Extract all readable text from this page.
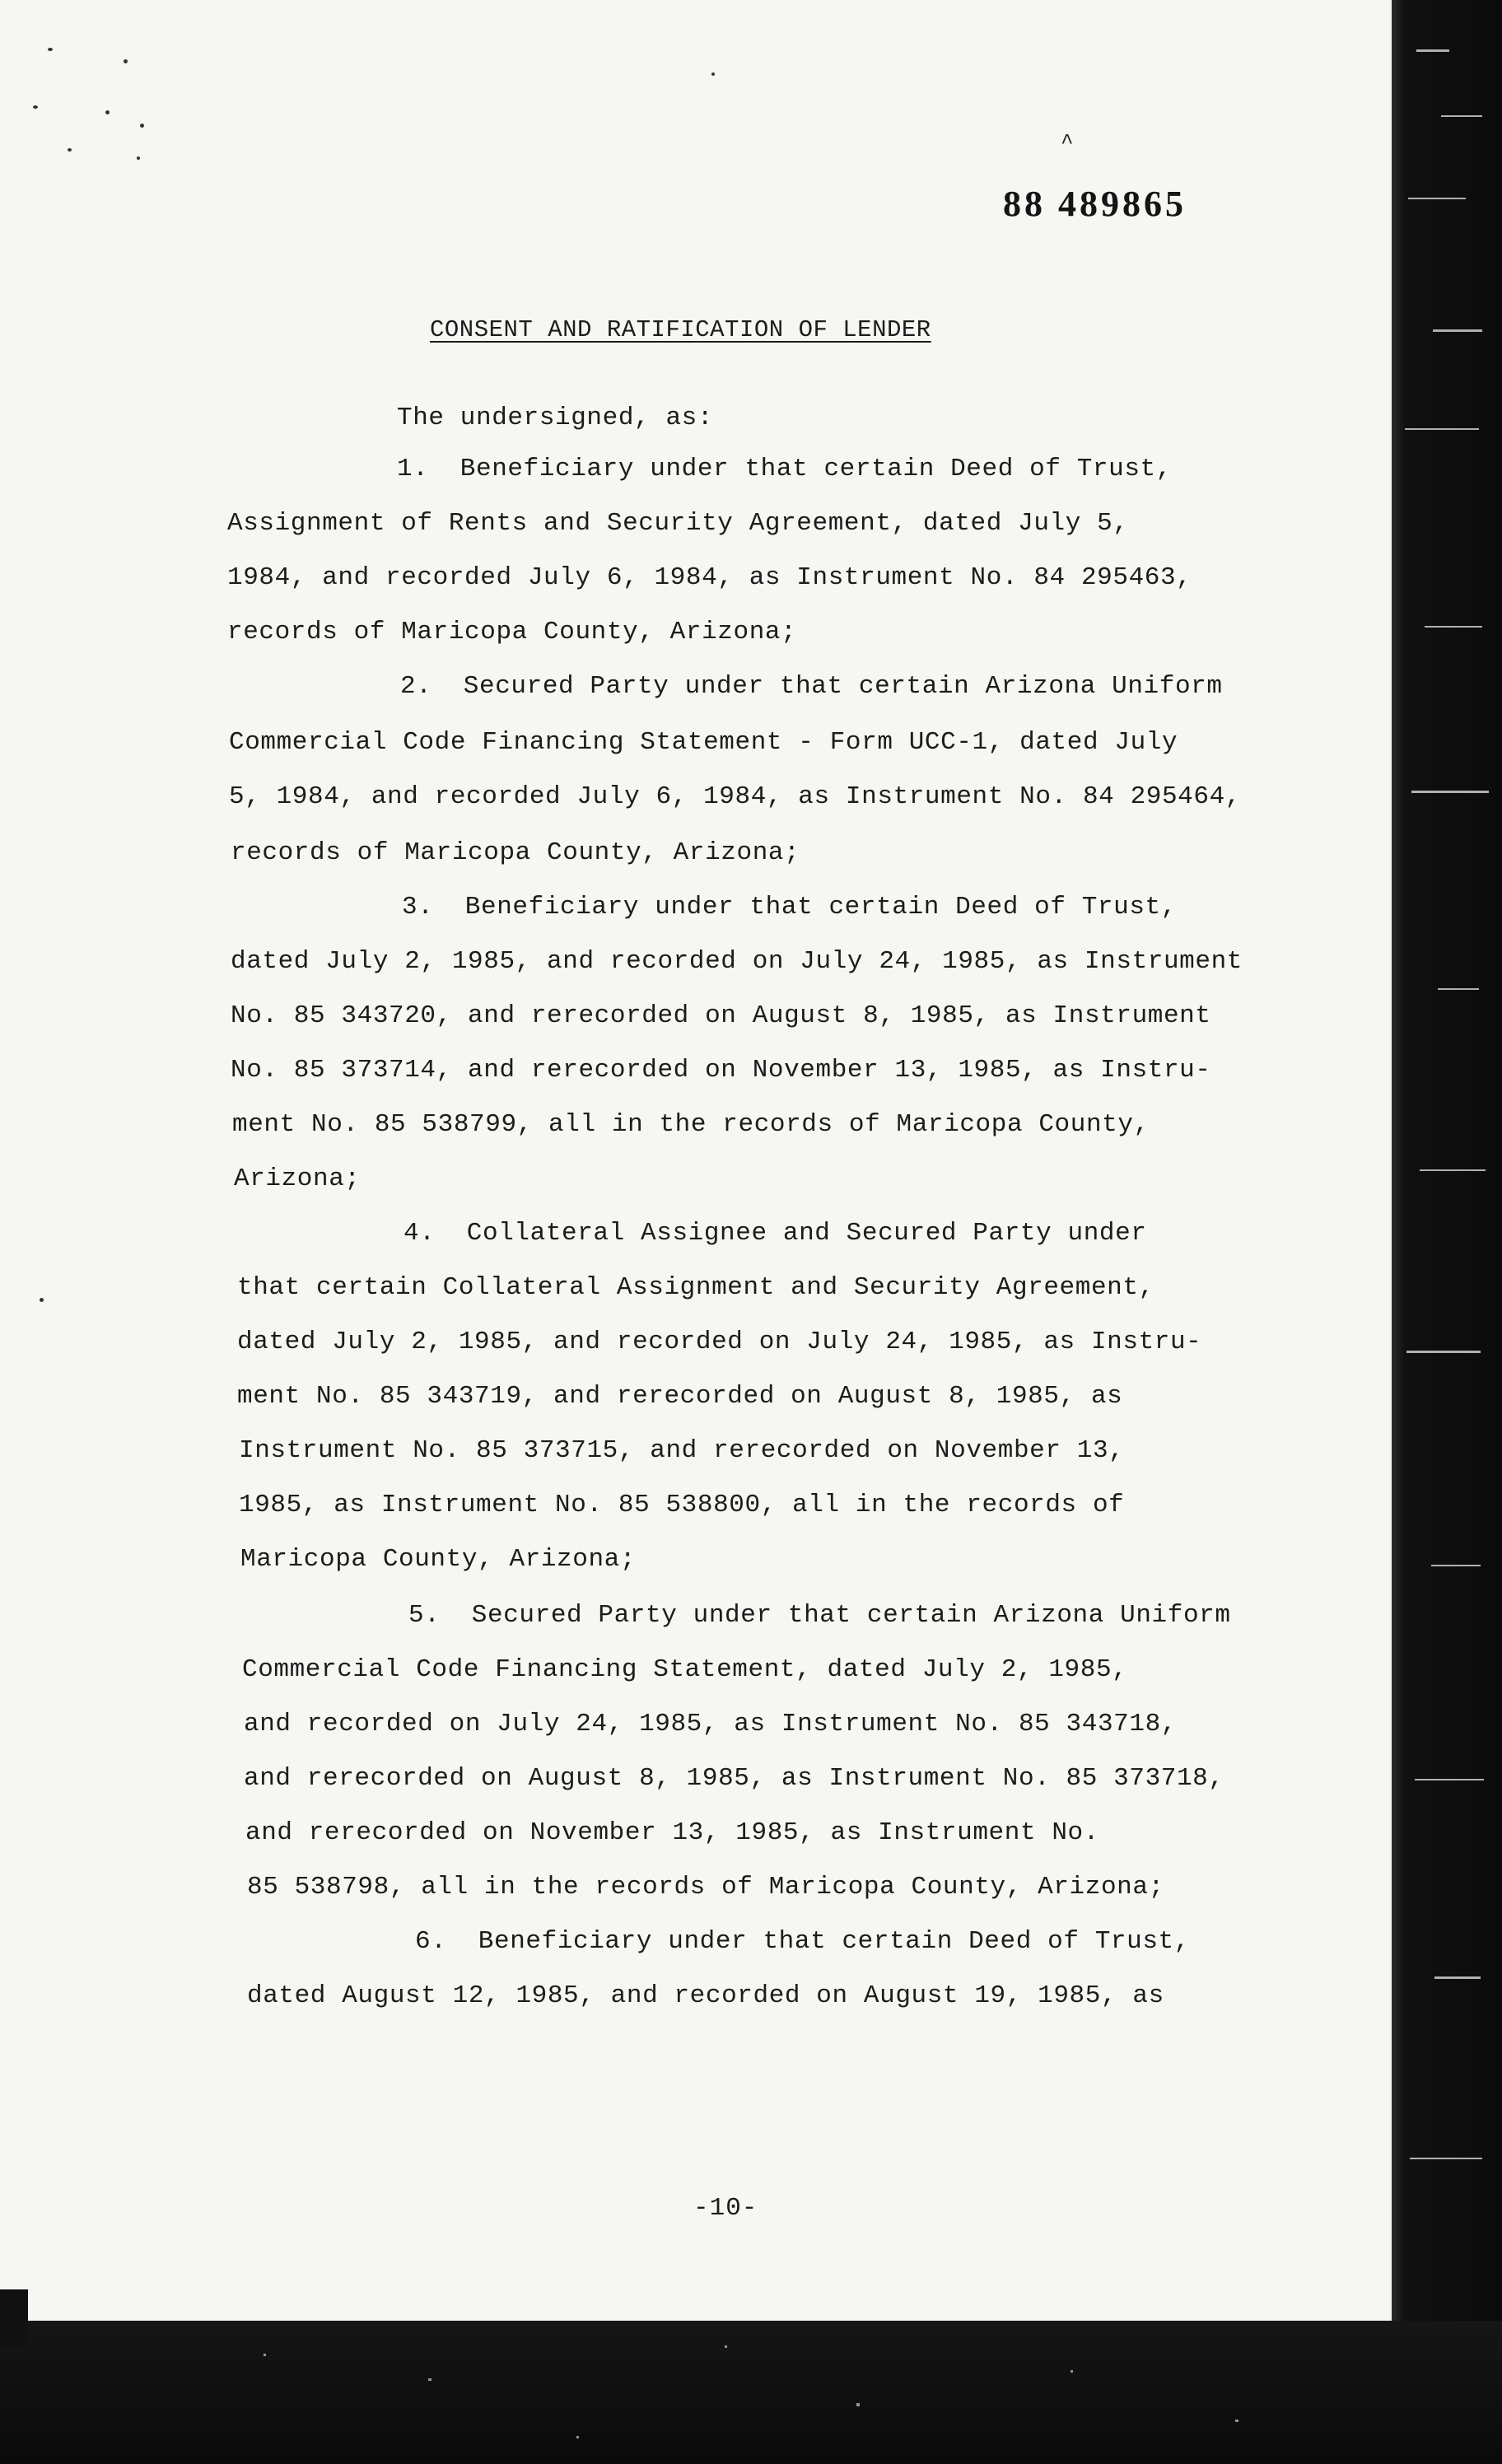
^
88 489865
CONSENT AND RATIFICATION OF LENDER
The undersigned, as:
1.  Beneficiary under that certain Deed of Trust,
Assignment of Rents and Security Agreement, dated July 5,
1984, and recorded July 6, 1984, as Instrument No. 84 295463,
records of Maricopa County, Arizona;
2.  Secured Party under that certain Arizona Uniform
Commercial Code Financing Statement - Form UCC-1, dated July
5, 1984, and recorded July 6, 1984, as Instrument No. 84 295464,
records of Maricopa County, Arizona;
3.  Beneficiary under that certain Deed of Trust,
dated July 2, 1985, and recorded on July 24, 1985, as Instrument
No. 85 343720, and rerecorded on August 8, 1985, as Instrument
No. 85 373714, and rerecorded on November 13, 1985, as Instru-
ment No. 85 538799, all in the records of Maricopa County,
Arizona;
4.  Collateral Assignee and Secured Party under
that certain Collateral Assignment and Security Agreement,
dated July 2, 1985, and recorded on July 24, 1985, as Instru-
ment No. 85 343719, and rerecorded on August 8, 1985, as
Instrument No. 85 373715, and rerecorded on November 13,
1985, as Instrument No. 85 538800, all in the records of
Maricopa County, Arizona;
5.  Secured Party under that certain Arizona Uniform
Commercial Code Financing Statement, dated July 2, 1985,
and recorded on July 24, 1985, as Instrument No. 85 343718,
and rerecorded on August 8, 1985, as Instrument No. 85 373718,
and rerecorded on November 13, 1985, as Instrument No.
85 538798, all in the records of Maricopa County, Arizona;
6.  Beneficiary under that certain Deed of Trust,
dated August 12, 1985, and recorded on August 19, 1985, as
-10-
